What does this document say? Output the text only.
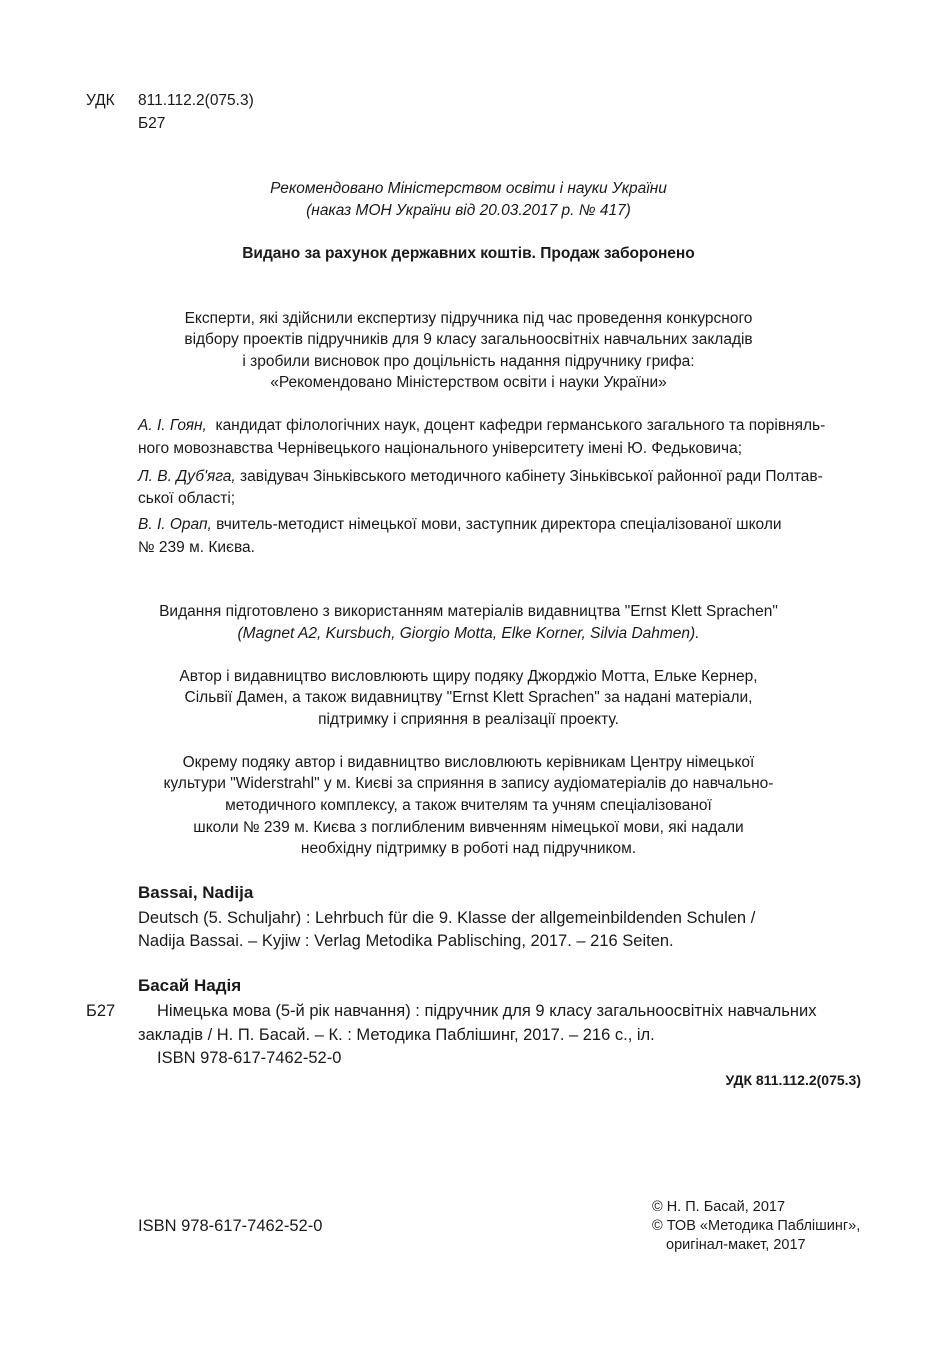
УДК 811.112.2(075.3)
Б27
Рекомендовано Міністерством освіти і науки України
(наказ МОН України від 20.03.2017 р. № 417)
Видано за рахунок державних коштів. Продаж заборонено
Експерти, які здійснили експертизу підручника під час проведення конкурсного
відбору проектів підручників для 9 класу загальноосвітніх навчальних закладів
і зробили висновок про доцільність надання підручнику грифа:
«Рекомендовано Міністерством освіти і науки України»
А. І. Гоян,  кандидат філологічних наук, доцент кафедри германського загального та порівняль-
ного мовознавства Чернівецького національного університету імені Ю. Федьковича;
Л. В. Дуб'яга, завідувач Зіньківського методичного кабінету Зіньківської районної ради Полтав-
ської області;
В. І. Орап, вчитель-методист німецької мови, заступник директора спеціалізованої школи
№ 239 м. Києва.
Видання підготовлено з використанням матеріалів видавництва "Ernst Klett Sprachen"
(Magnet A2, Kursbuch, Giorgio Motta, Elke Korner, Silvia Dahmen).
Автор і видавництво висловлюють щиру подяку Джорджіо Мотта, Ельке Кернер,
Сільвії Дамен, а також видавництву "Ernst Klett Sprachen" за надані матеріали,
підтримку і сприяння в реалізації проекту.
Окрему подяку автор і видавництво висловлюють керівникам Центру німецької
культури "Widerstrahl" у м. Києві за сприяння в запису аудіоматеріалів до навчально-
методичного комплексу, а також вчителям та учням спеціалізованої
школи № 239 м. Києва з поглибленим вивченням німецької мови, які надали
необхідну підтримку в роботі над підручником.
Bassai, Nadija
Deutsch (5. Schuljahr) : Lehrbuch für die 9. Klasse der allgemeinbildenden Schulen /
Nadija Bassai. – Kyjiw : Verlag Metodika Pablisching, 2017. – 216 Seiten.
Басай Надія
Б27	Німецька мова (5-й рік навчання) : підручник для 9 класу загальноосвітніх навчальних
закладів / Н. П. Басай. – К. : Методика Паблішинг, 2017. – 216 с., іл.
ISBN 978-617-7462-52-0
УДК 811.112.2(075.3)
ISBN 978-617-7462-52-0
© Н. П. Басай, 2017
© ТОВ «Методика Паблішинг»,
оригінал-макет, 2017
